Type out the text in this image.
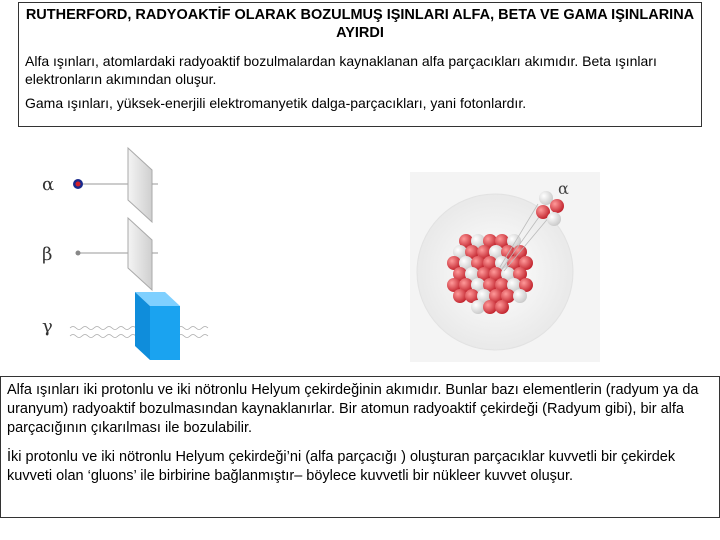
RUTHERFORD, RADYOAKTİF OLARAK BOZULMUŞ IŞINLARI ALFA, BETA VE GAMA IŞINLARINA AYIRDI
Alfa ışınları, atomlardaki radyoaktif bozulmalardan kaynaklanan alfa parçacıkları akımıdır. Beta ışınları elektronların akımından oluşur.
Gama ışınları, yüksek-enerjili elektromanyetik dalga-parçacıkları, yani fotonlardır.
α
β
γ
α
Alfa ışınları iki protonlu ve iki nötronlu Helyum çekirdeğinin akımıdır. Bunlar bazı elementlerin (radyum ya da uranyum) radyoaktif bozulmasından kaynaklanırlar. Bir atomun radyoaktif çekirdeği (Radyum gibi), bir alfa parçacığının çıkarılması ile bozulabilir.
İki protonlu ve iki nötronlu Helyum çekirdeği’ni (alfa parçacığı ) oluşturan parçacıklar kuvvetli bir çekirdek kuvveti olan ‘gluons’ ile birbirine bağlanmıştır– böylece kuvvetli bir nükleer kuvvet oluşur.
